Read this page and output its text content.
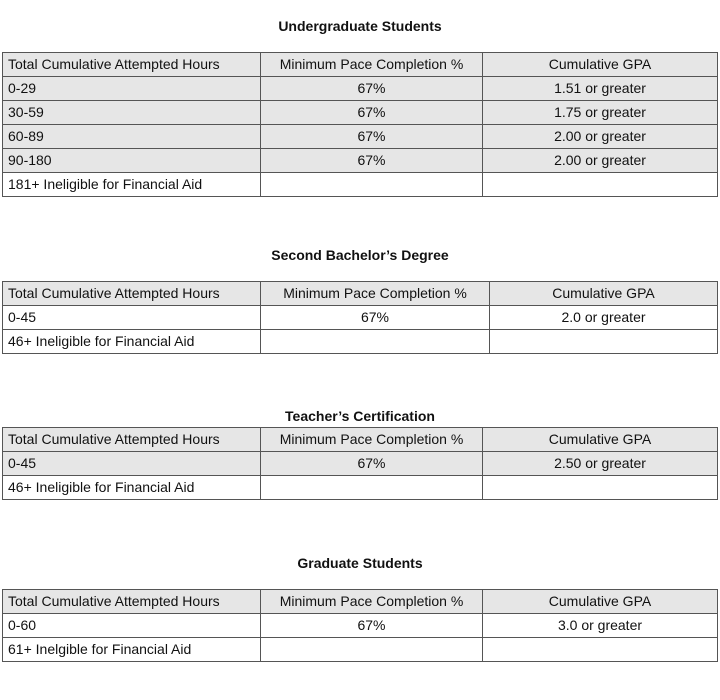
Undergraduate Students
Total Cumulative Attempted Hours	Minimum Pace Completion %	Cumulative GPA
0-29	67%	1.51 or greater
30-59	67%	1.75 or greater
60-89	67%	2.00 or greater
90-180	67%	2.00 or greater
181+ Ineligible for Financial Aid		
Second Bachelor’s Degree
Total Cumulative Attempted Hours	Minimum Pace Completion %	Cumulative GPA
0-45	67%	2.0 or greater
46+ Ineligible for Financial Aid		
Teacher’s Certification
Total Cumulative Attempted Hours	Minimum Pace Completion %	Cumulative GPA
0-45	67%	2.50 or greater
46+ Ineligible for Financial Aid		
Graduate Students
Total Cumulative Attempted Hours	Minimum Pace Completion %	Cumulative GPA
0-60	67%	3.0 or greater
61+ Inelgible for Financial Aid		
